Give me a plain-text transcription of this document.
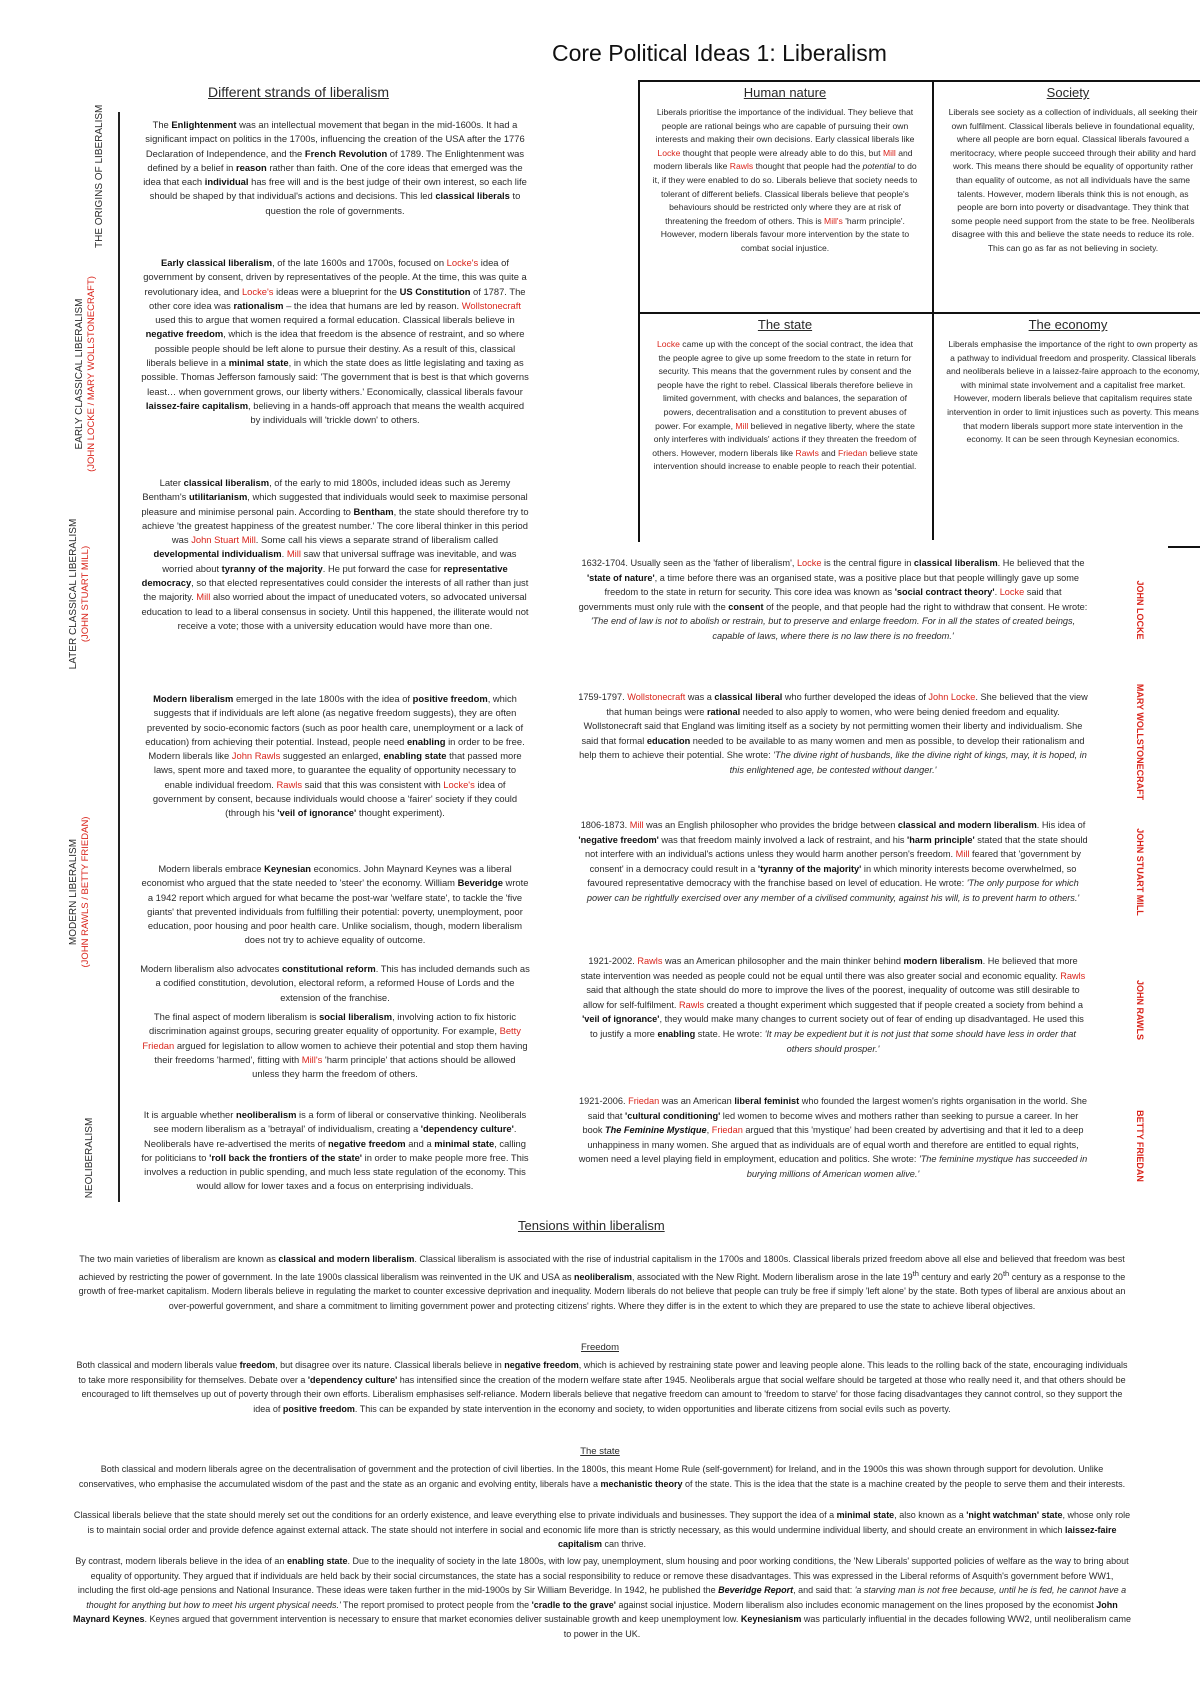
Core Political Ideas 1: Liberalism
Different strands of liberalism
THE ORIGINS OF LIBERALISM
EARLY CLASSICAL LIBERALISM
(JOHN LOCKE / MARY WOLLSTONECRAFT)
LATER CLASSICAL LIBERALISM
(JOHN STUART MILL)
MODERN LIBERALISM
(JOHN RAWLS / BETTY FRIEDAN)
NEOLIBERALISM

The Enlightenment was an intellectual movement that began in the mid-1600s. It had a significant impact on politics in the 1700s, influencing the creation of the USA after the 1776 Declaration of Independence, and the French Revolution of 1789. The Enlightenment was defined by a belief in reason rather than faith. One of the core ideas that emerged was the idea that each individual has free will and is the best judge of their own interest, so each life should be shaped by that individual's actions and decisions. This led classical liberals to question the role of governments.

Early classical liberalism, of the late 1600s and 1700s, focused on Locke's idea of government by consent, driven by representatives of the people. At the time, this was quite a revolutionary idea, and Locke's ideas were a blueprint for the US Constitution of 1787. The other core idea was rationalism – the idea that humans are led by reason. Wollstonecraft used this to argue that women required a formal education. Classical liberals believe in negative freedom, which is the idea that freedom is the absence of restraint, and so where possible people should be left alone to pursue their destiny. As a result of this, classical liberals believe in a minimal state, in which the state does as little legislating and taxing as possible. Thomas Jefferson famously said: 'The government that is best is that which governs least… when government grows, our liberty withers.' Economically, classical liberals favour laissez-faire capitalism, believing in a hands-off approach that means the wealth acquired by individuals will 'trickle down' to others.

Later classical liberalism, of the early to mid 1800s, included ideas such as Jeremy Bentham's utilitarianism, which suggested that individuals would seek to maximise personal pleasure and minimise personal pain. According to Bentham, the state should therefore try to achieve 'the greatest happiness of the greatest number.' The core liberal thinker in this period was John Stuart Mill. Some call his views a separate strand of liberalism called developmental individualism. Mill saw that universal suffrage was inevitable, and was worried about tyranny of the majority. He put forward the case for representative democracy, so that elected representatives could consider the interests of all rather than just the majority. Mill also worried about the impact of uneducated voters, so advocated universal education to lead to a liberal consensus in society. Until this happened, the illiterate would not receive a vote; those with a university education would have more than one.

Modern liberalism emerged in the late 1800s with the idea of positive freedom, which suggests that if individuals are left alone (as negative freedom suggests), they are often prevented by socio-economic factors (such as poor health care, unemployment or a lack of education) from achieving their potential. Instead, people need enabling in order to be free. Modern liberals like John Rawls suggested an enlarged, enabling state that passed more laws, spent more and taxed more, to guarantee the equality of opportunity necessary to enable individual freedom. Rawls said that this was consistent with Locke's idea of government by consent, because individuals would choose a 'fairer' society if they could (through his 'veil of ignorance' thought experiment).

Modern liberals embrace Keynesian economics. John Maynard Keynes was a liberal economist who argued that the state needed to 'steer' the economy. William Beveridge wrote a 1942 report which argued for what became the post-war 'welfare state', to tackle the 'five giants' that prevented individuals from fulfilling their potential: poverty, unemployment, poor education, poor housing and poor health care. Unlike socialism, though, modern liberalism does not try to achieve equality of outcome.

Modern liberalism also advocates constitutional reform. This has included demands such as a codified constitution, devolution, electoral reform, a reformed House of Lords and the extension of the franchise.

The final aspect of modern liberalism is social liberalism, involving action to fix historic discrimination against groups, securing greater equality of opportunity. For example, Betty Friedan argued for legislation to allow women to achieve their potential and stop them having their freedoms 'harmed', fitting with Mill's 'harm principle' that actions should be allowed unless they harm the freedom of others.

It is arguable whether neoliberalism is a form of liberal or conservative thinking. Neoliberals see modern liberalism as a 'betrayal' of individualism, creating a 'dependency culture'. Neoliberals have re-advertised the merits of negative freedom and a minimal state, calling for politicians to 'roll back the frontiers of the state' in order to make people more free. This involves a reduction in public spending, and much less state regulation of the economy. This would allow for lower taxes and a focus on enterprising individuals.

Human nature

Liberals prioritise the importance of the individual. They believe that people are rational beings who are capable of pursuing their own interests and making their own decisions. Early classical liberals like Locke thought that people were already able to do this, but Mill and modern liberals like Rawls thought that people had the potential to do it, if they were enabled to do so. Liberals believe that society needs to tolerant of different beliefs. Classical liberals believe that people's behaviours should be restricted only where they are at risk of threatening the freedom of others. This is Mill's 'harm principle'. However, modern liberals favour more intervention by the state to combat social injustice.

Society

Liberals see society as a collection of individuals, all seeking their own fulfilment. Classical liberals believe in foundational equality, where all people are born equal. Classical liberals favoured a meritocracy, where people succeed through their ability and hard work. This means there should be equality of opportunity rather than equality of outcome, as not all individuals have the same talents. However, modern liberals think this is not enough, as people are born into poverty or disadvantage. They think that some people need support from the state to be free. Neoliberals disagree with this and believe the state needs to reduce its role. This can go as far as not believing in society.

The state

Locke came up with the concept of the social contract, the idea that the people agree to give up some freedom to the state in return for security. This means that the government rules by consent and the people have the right to rebel. Classical liberals therefore believe in limited government, with checks and balances, the separation of powers, decentralisation and a constitution to prevent abuses of power. For example, Mill believed in negative liberty, where the state only interferes with individuals' actions if they threaten the freedom of others. However, modern liberals like Rawls and Friedan believe state intervention should increase to enable people to reach their potential.

The economy

Liberals emphasise the importance of the right to own property as a pathway to individual freedom and prosperity. Classical liberals and neoliberals believe in a laissez-faire approach to the economy, with minimal state involvement and a capitalist free market. However, modern liberals believe that capitalism requires state intervention in order to limit injustices such as poverty. This means that modern liberals support more state intervention in the economy. It can be seen through Keynesian economics.

1632-1704. Usually seen as the 'father of liberalism', Locke is the central figure in classical liberalism. He believed that the 'state of nature', a time before there was an organised state, was a positive place but that people willingly gave up some freedom to the state in return for security. This core idea was known as 'social contract theory'. Locke said that governments must only rule with the consent of the people, and that people had the right to withdraw that consent. He wrote: 'The end of law is not to abolish or restrain, but to preserve and enlarge freedom. For in all the states of created beings, capable of laws, where there is no law there is no freedom.'	JOHN LOCKE

1759-1797. Wollstonecraft was a classical liberal who further developed the ideas of John Locke. She believed that the view that human beings were rational needed to also apply to women, who were being denied freedom and equality. Wollstonecraft said that England was limiting itself as a society by not permitting women their liberty and individualism. She said that formal education needed to be available to as many women and men as possible, to develop their rationalism and help them to achieve their potential. She wrote: 'The divine right of husbands, like the divine right of kings, may, it is hoped, in this enlightened age, be contested without danger.'	MARY WOLLSTONECRAFT

1806-1873. Mill was an English philosopher who provides the bridge between classical and modern liberalism. His idea of 'negative freedom' was that freedom mainly involved a lack of restraint, and his 'harm principle' stated that the state should not interfere with an individual's actions unless they would harm another person's freedom. Mill feared that 'government by consent' in a democracy could result in a 'tyranny of the majority' in which minority interests become overwhelmed, so favoured representative democracy with the franchise based on level of education. He wrote: 'The only purpose for which power can be rightfully exercised over any member of a civilised community, against his will, is to prevent harm to others.'	JOHN STUART MILL

1921-2002. Rawls was an American philosopher and the main thinker behind modern liberalism. He believed that more state intervention was needed as people could not be equal until there was also greater social and economic equality. Rawls said that although the state should do more to improve the lives of the poorest, inequality of outcome was still desirable to allow for self-fulfilment. Rawls created a thought experiment which suggested that if people created a society from behind a 'veil of ignorance', they would make many changes to current society out of fear of ending up disadvantaged. He used this to justify a more enabling state. He wrote: 'It may be expedient but it is not just that some should have less in order that others should prosper.'

JOHN RAWLS

1921-2006. Friedan was an American liberal feminist who founded the largest women's rights organisation in the world. She said that 'cultural conditioning' led women to become wives and mothers rather than seeking to pursue a career. In her book The Feminine Mystique, Friedan argued that this 'mystique' had been created by advertising and that it led to a deep unhappiness in many women. She argued that as individuals are of equal worth and therefore are entitled to equal rights, women need a level playing field in employment, education and politics. She wrote: 'The feminine mystique has succeeded in burying millions of American women alive.'	BETTY FRIEDAN
Tensions within liberalism

The two main varieties of liberalism are known as classical and modern liberalism. Classical liberalism is associated with the rise of industrial capitalism in the 1700s and 1800s. Classical liberals prized freedom above all else and believed that freedom was best achieved by restricting the power of government. In the late 1900s classical liberalism was reinvented in the UK and USA as neoliberalism, associated with the New Right. Modern liberalism arose in the late 19th century and early 20th century as a response to the growth of free-market capitalism. Modern liberals believe in regulating the market to counter excessive deprivation and inequality. Modern liberals do not believe that people can truly be free if simply 'left alone' by the state. Both types of liberal are anxious about an over-powerful government, and share a commitment to limiting government power and protecting citizens' rights. Where they differ is in the extent to which they are prepared to use the state to achieve liberal objectives.

Freedom

Both classical and modern liberals value freedom, but disagree over its nature. Classical liberals believe in negative freedom, which is achieved by restraining state power and leaving people alone. This leads to the rolling back of the state, encouraging individuals to take more responsibility for themselves. Debate over a 'dependency culture' has intensified since the creation of the modern welfare state after 1945. Neoliberals argue that social welfare should be targeted at those who really need it, and that others should be encouraged to lift themselves up out of poverty through their own efforts. Liberalism emphasises self-reliance. Modern liberals believe that negative freedom can amount to 'freedom to starve' for those facing disadvantages they cannot control, so they support the idea of positive freedom. This can be expanded by state intervention in the economy and society, to widen opportunities and liberate citizens from social evils such as poverty.

The state

Both classical and modern liberals agree on the decentralisation of government and the protection of civil liberties. In the 1800s, this meant Home Rule (self-government) for Ireland, and in the 1900s this was shown through support for devolution. Unlike conservatives, who emphasise the accumulated wisdom of the past and the state as an organic and evolving entity, liberals have a mechanistic theory of the state. This is the idea that the state is a machine created by the people to serve them and their interests.

Classical liberals believe that the state should merely set out the conditions for an orderly existence, and leave everything else to private individuals and businesses. They support the idea of a minimal state, also known as a 'night watchman' state, whose only role is to maintain social order and provide defence against external attack. The state should not interfere in social and economic life more than is strictly necessary, as this would undermine individual liberty, and should create an environment in which laissez-faire capitalism can thrive.

By contrast, modern liberals believe in the idea of an enabling state. Due to the inequality of society in the late 1800s, with low pay, unemployment, slum housing and poor working conditions, the 'New Liberals' supported policies of welfare as the way to bring about equality of opportunity. They argued that if individuals are held back by their social circumstances, the state has a social responsibility to reduce or remove these disadvantages. This was expressed in the Liberal reforms of Asquith's government before WW1, including the first old-age pensions and National Insurance. These ideas were taken further in the mid-1900s by Sir William Beveridge. In 1942, he published the Beveridge Report, and said that: 'a starving man is not free because, until he is fed, he cannot have a thought for anything but how to meet his urgent physical needs.' The report promised to protect people from the 'cradle to the grave' against social injustice. Modern liberalism also includes economic management on the lines proposed by the economist John Maynard Keynes. Keynes argued that government intervention is necessary to ensure that market economies deliver sustainable growth and keep unemployment low. Keynesianism was particularly influential in the decades following WW2, until neoliberalism came to power in the UK.
